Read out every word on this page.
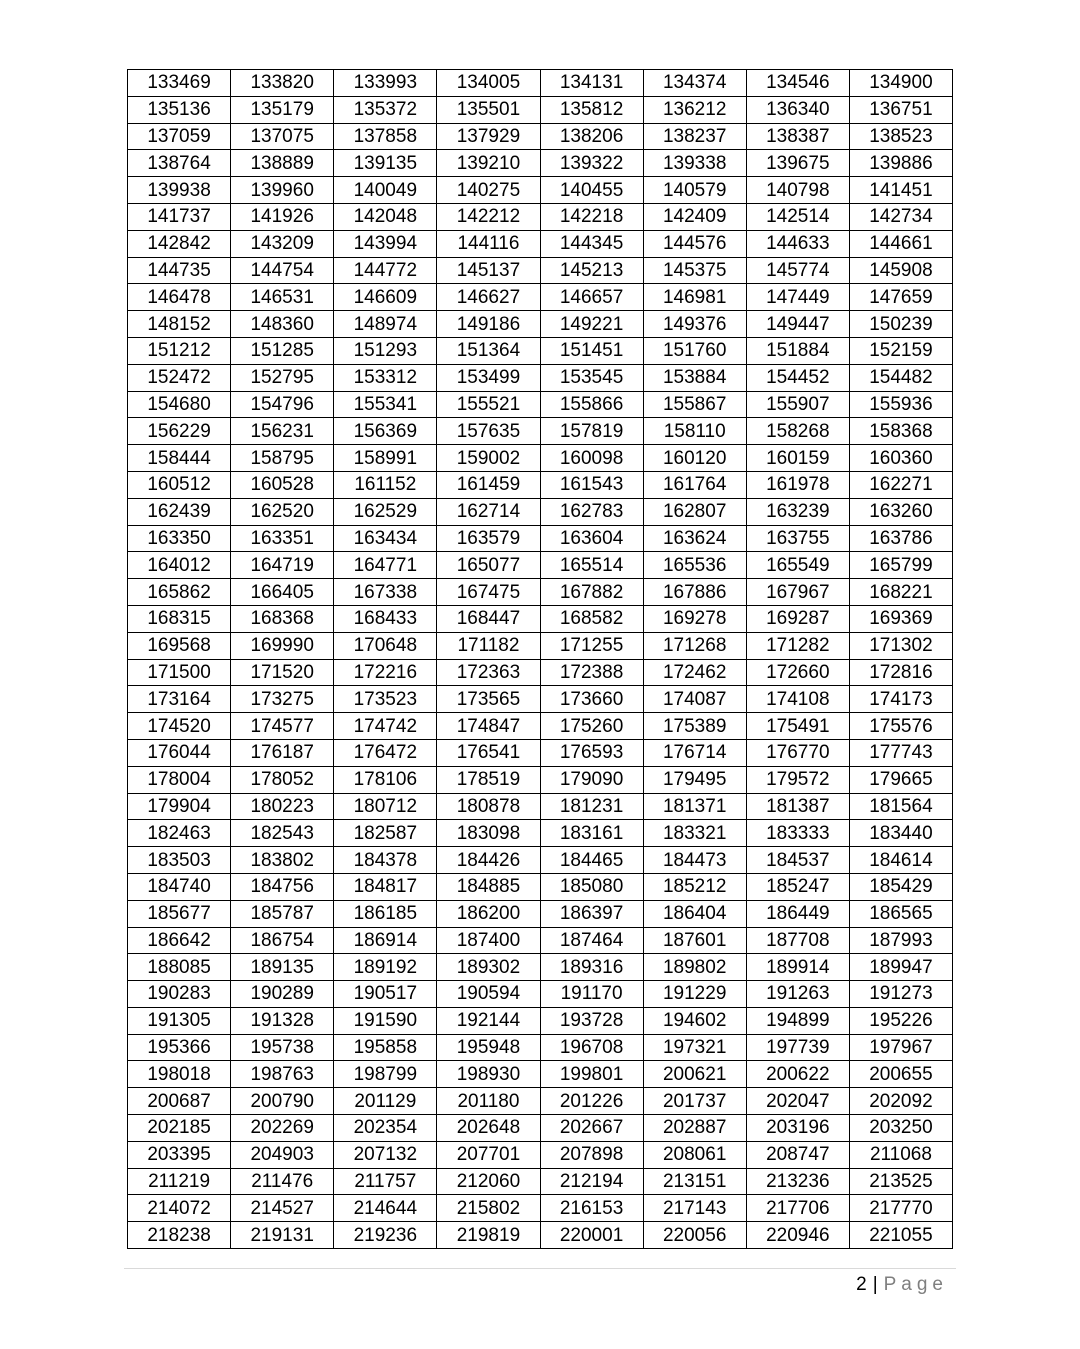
133469	133820	133993	134005	134131	134374	134546	134900
135136	135179	135372	135501	135812	136212	136340	136751
137059	137075	137858	137929	138206	138237	138387	138523
138764	138889	139135	139210	139322	139338	139675	139886
139938	139960	140049	140275	140455	140579	140798	141451
141737	141926	142048	142212	142218	142409	142514	142734
142842	143209	143994	144116	144345	144576	144633	144661
144735	144754	144772	145137	145213	145375	145774	145908
146478	146531	146609	146627	146657	146981	147449	147659
148152	148360	148974	149186	149221	149376	149447	150239
151212	151285	151293	151364	151451	151760	151884	152159
152472	152795	153312	153499	153545	153884	154452	154482
154680	154796	155341	155521	155866	155867	155907	155936
156229	156231	156369	157635	157819	158110	158268	158368
158444	158795	158991	159002	160098	160120	160159	160360
160512	160528	161152	161459	161543	161764	161978	162271
162439	162520	162529	162714	162783	162807	163239	163260
163350	163351	163434	163579	163604	163624	163755	163786
164012	164719	164771	165077	165514	165536	165549	165799
165862	166405	167338	167475	167882	167886	167967	168221
168315	168368	168433	168447	168582	169278	169287	169369
169568	169990	170648	171182	171255	171268	171282	171302
171500	171520	172216	172363	172388	172462	172660	172816
173164	173275	173523	173565	173660	174087	174108	174173
174520	174577	174742	174847	175260	175389	175491	175576
176044	176187	176472	176541	176593	176714	176770	177743
178004	178052	178106	178519	179090	179495	179572	179665
179904	180223	180712	180878	181231	181371	181387	181564
182463	182543	182587	183098	183161	183321	183333	183440
183503	183802	184378	184426	184465	184473	184537	184614
184740	184756	184817	184885	185080	185212	185247	185429
185677	185787	186185	186200	186397	186404	186449	186565
186642	186754	186914	187400	187464	187601	187708	187993
188085	189135	189192	189302	189316	189802	189914	189947
190283	190289	190517	190594	191170	191229	191263	191273
191305	191328	191590	192144	193728	194602	194899	195226
195366	195738	195858	195948	196708	197321	197739	197967
198018	198763	198799	198930	199801	200621	200622	200655
200687	200790	201129	201180	201226	201737	202047	202092
202185	202269	202354	202648	202667	202887	203196	203250
203395	204903	207132	207701	207898	208061	208747	211068
211219	211476	211757	212060	212194	213151	213236	213525
214072	214527	214644	215802	216153	217143	217706	217770
218238	219131	219236	219819	220001	220056	220946	221055
2 | Page
